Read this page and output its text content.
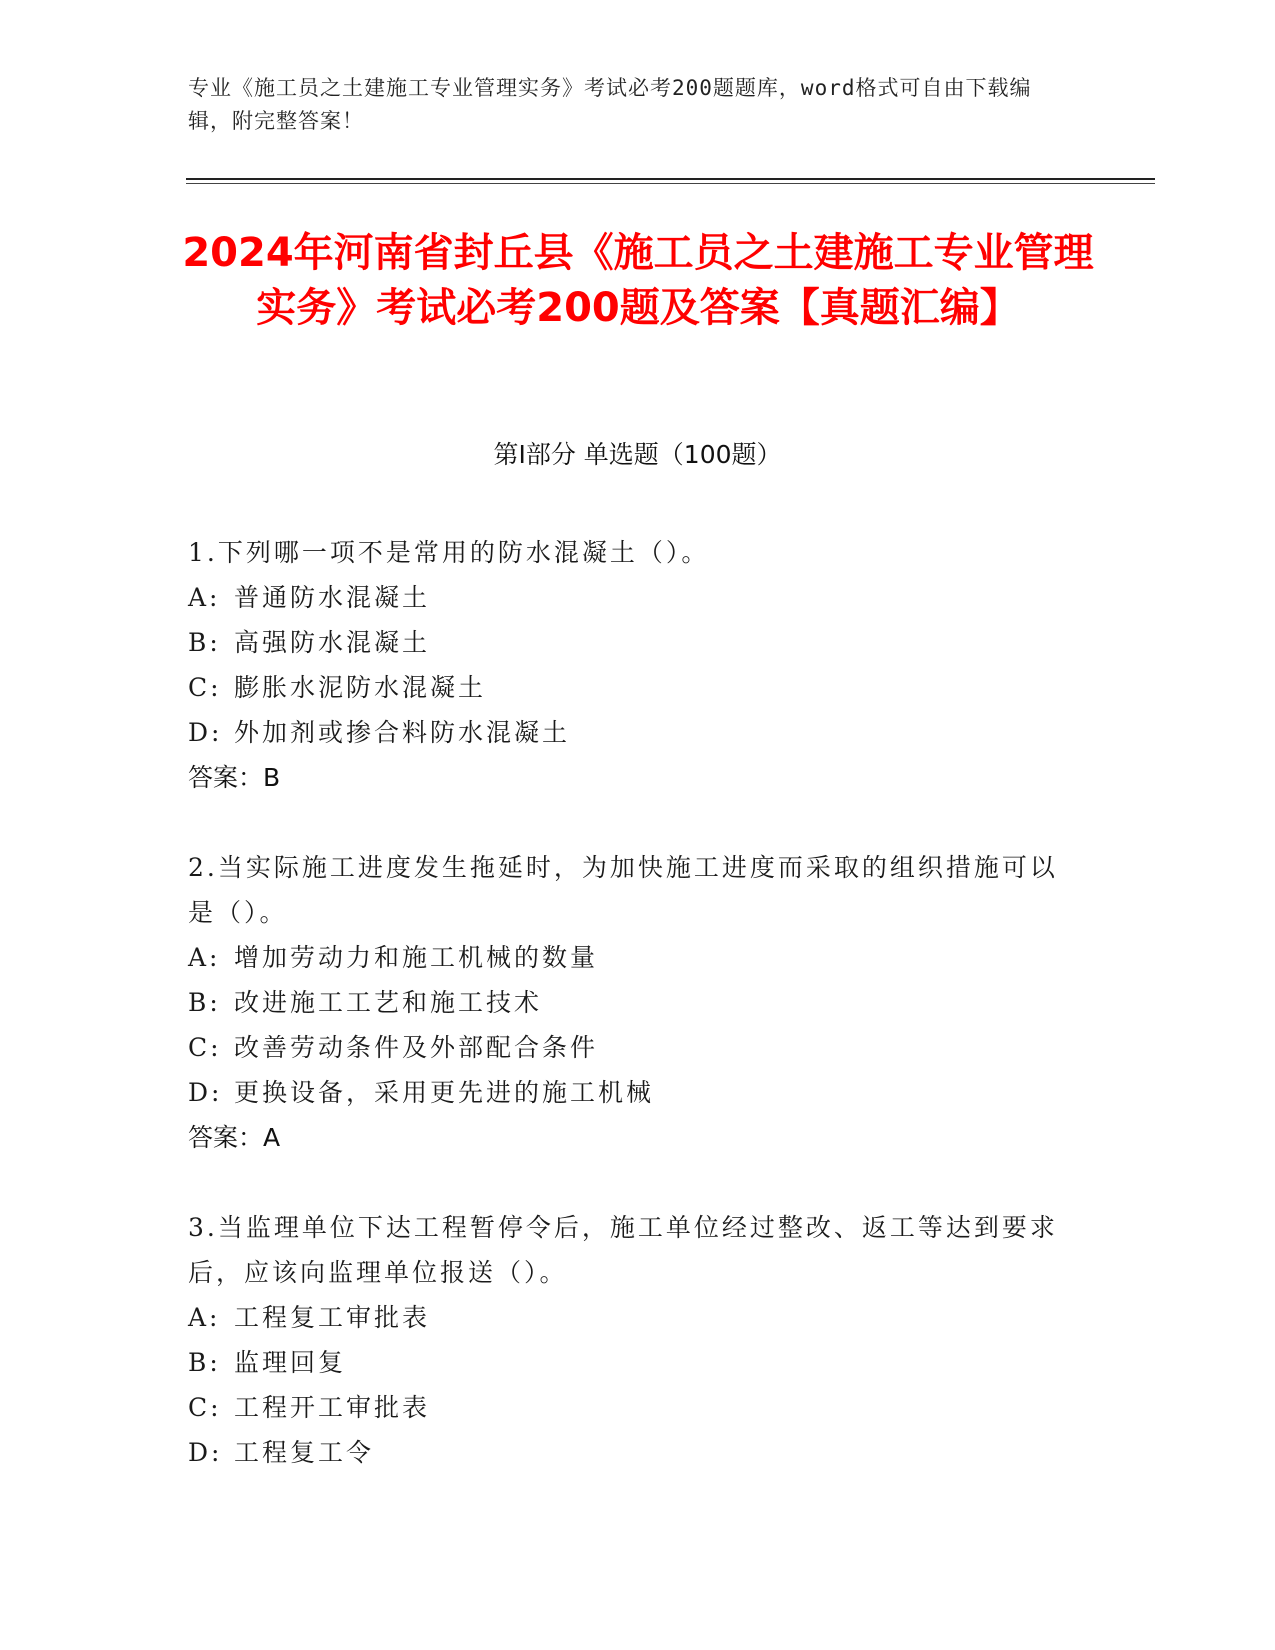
专业《施工员之土建施工专业管理实务》考试必考200题题库，word格式可自由下载编辑，附完整答案！
2024年河南省封丘县《施工员之土建施工专业管理实务》考试必考200题及答案【真题汇编】
第Ⅰ部分 单选题（100题）
1.下列哪一项不是常用的防水混凝土（）。
A: 普通防水混凝土
B: 高强防水混凝土
C: 膨胀水泥防水混凝土
D: 外加剂或掺合料防水混凝土
答案：B
2.当实际施工进度发生拖延时，为加快施工进度而采取的组织措施可以是（）。
A: 增加劳动力和施工机械的数量
B: 改进施工工艺和施工技术
C: 改善劳动条件及外部配合条件
D: 更换设备，采用更先进的施工机械
答案：A
3.当监理单位下达工程暂停令后，施工单位经过整改、返工等达到要求后，应该向监理单位报送（）。
A: 工程复工审批表
B: 监理回复
C: 工程开工审批表
D: 工程复工令
